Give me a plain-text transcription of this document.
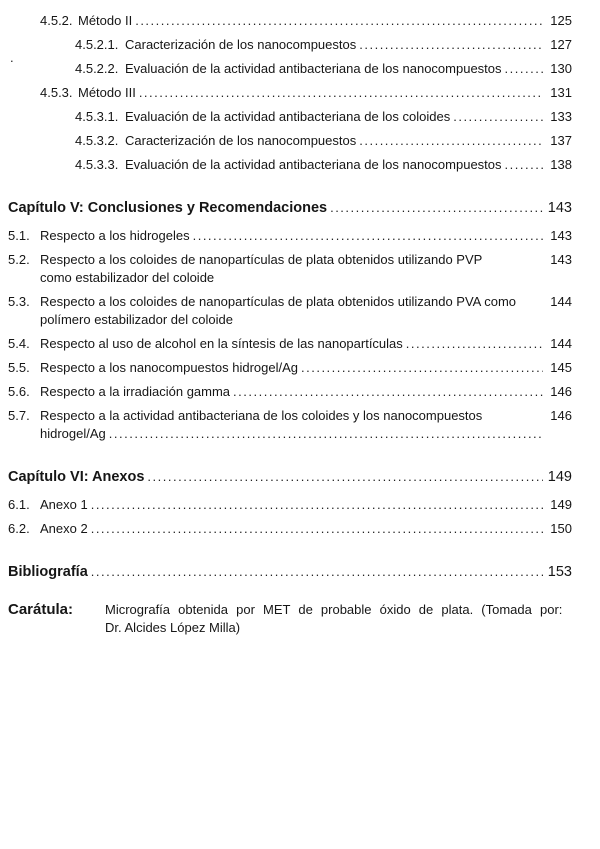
.
4.5.2. Método II .....	125
4.5.2.1. Caracterización de los nanocompuestos .....	127
4.5.2.2. Evaluación de la actividad antibacteriana de los nanocompuestos .....	130
4.5.3. Método III .....	131
4.5.3.1. Evaluación de la actividad antibacteriana de los coloides .....	133
4.5.3.2. Caracterización de los nanocompuestos .....	137
4.5.3.3. Evaluación de la actividad antibacteriana de los nanocompuestos .....	138
Capítulo V: Conclusiones y Recomendaciones .....	143
5.1. Respecto a los hidrogeles .....	143
5.2. Respecto a los coloides de nanopartículas de plata obtenidos utilizando PVP	143
como estabilizador del coloide
5.3. Respecto a los coloides de nanopartículas de plata obtenidos utilizando PVA como	144
polímero estabilizador del coloide
5.4. Respecto al uso de alcohol en la síntesis de las nanopartículas .....	144
5.5. Respecto a los nanocompuestos hidrogel/Ag .....	145
5.6. Respecto a la irradiación gamma .....	146
5.7. Respecto a la actividad antibacteriana de los coloides y los nanocompuestos	146
hidrogel/Ag
.....
Capítulo VI: Anexos .....	149
6.1. Anexo 1 .....	149
6.2. Anexo 2 .....	150
Bibliografía .....	153
Carátula:	Micrografía obtenida por MET de probable óxido de plata. (Tomada por:
Dr. Alcides López Milla)
